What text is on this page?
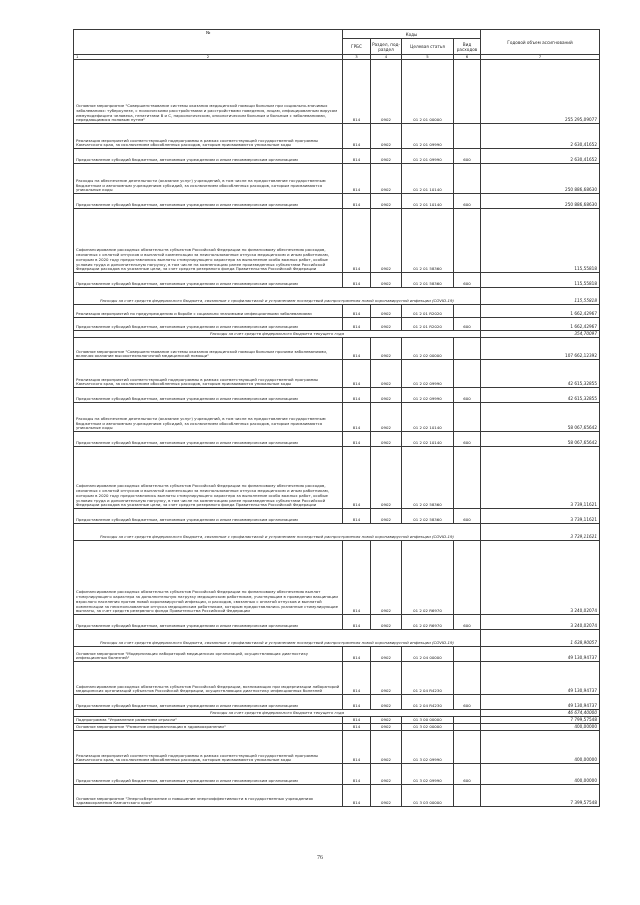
№	Коды				Годовой объем ассигнований
	ГРБС	Раздел, под-раздел	Целевая статья	Вид расходов	

1 2	3	4	5	6	7
Основное мероприятие "Совершенствование системы оказания медицинской помощи больным при социально-значимых заболеваниях: туберкулезе, с психическими расстройствами и расстройствами поведения, лицам, инфицированным вирусом иммунодефицита человека, гепатитами В и С, наркологическим, онкологическим больным и больным с заболеваниями, передающимися половым путем"	814	0902	01 2 01 00000		255 295,09077
Реализация мероприятий соответствующей подпрограммы в рамках соответствующей государственной программы Камчатского края, за исключением обособленных расходов, которым присваиваются уникальные коды	814	0902	01 2 01 09990		2 630,41652
Предоставление субсидий бюджетным, автономным учреждениям и иным некоммерческим организациям	814	0902	01 2 01 09990	600	2 630,41652
Расходы на обеспечение деятельности (оказание услуг) учреждений, в том числе на предоставление государственным бюджетным и автономным учреждениям субсидий, за исключением обособленных расходов, которым присваиваются уникальные коды	814	0902	01 2 01 10140		250 886,68630
Предоставление субсидий бюджетным, автономным учреждениям и иным некоммерческим организациям	814	0902	01 2 01 10140	600	250 886,68630
Софинансирование расходных обязательств субъектов Российской Федерации по финансовому обеспечению расходов, связанных с оплатой отпусков и выплатой компенсации за неиспользованные отпуска медицинским и иным работникам, которым в 2020 году предоставлялись выплаты стимулирующего характера за выполнение особо важных работ, особые условия труда и дополнительную нагрузку, в том числе на компенсацию ранее произведенных субъектами Российской Федерации расходов на указанные цели, за счет средств резервного фонда Правительства Российской Федерации	814	0902	01 2 01 58360		115,55818
Предоставление субсидий бюджетным, автономным учреждениям и иным некоммерческим организациям	814	0902	01 2 01 58360	600	115,55818
Расходы за счет средств федерального бюджета, связанные с профилактикой и устранением последствий распространения новой коронавирусной инфекции (COVID-19)					115,55818
Реализация мероприятий по предупреждению и борьбе с социально значимыми инфекционными заболеваниями	814	0902	01 2 01 R2020		1 662,42967
Предоставление субсидий бюджетным, автономным учреждениям и иным некоммерческим организациям	814	0902	01 2 01 R2020	600	1 662,42967
Расходы за счет средств федерального бюджета текущего года					354,70097
Основное мероприятие "Совершенствование системы оказания медицинской помощи больным прочими заболеваниями, включая оказание высокотехнологичной медицинской помощи"	814	0902	01 2 02 00000		107 662,12392
Реализация мероприятий соответствующей подпрограммы в рамках соответствующей государственной программы Камчатского края, за исключением обособленных расходов, которым присваиваются уникальные коды	814	0902	01 2 02 09990		42 615,32855
Предоставление субсидий бюджетным, автономным учреждениям и иным некоммерческим организациям	814	0902	01 2 02 09990	600	42 615,32855
Расходы на обеспечение деятельности (оказание услуг) учреждений, в том числе на предоставление государственным бюджетным и автономным учреждениям субсидий, за исключением обособленных расходов, которым присваиваются уникальные коды	814	0902	01 2 02 10140		58 067,65642
Предоставление субсидий бюджетным, автономным учреждениям и иным некоммерческим организациям	814	0902	01 2 02 10140	600	58 067,65642
Софинансирование расходных обязательств субъектов Российской Федерации по финансовому обеспечению расходов, связанных с оплатой отпусков и выплатой компенсации за неиспользованные отпуска медицинским и иным работникам, которым в 2020 году предоставлялись выплаты стимулирующего характера за выполнение особо важных работ, особые условия труда и дополнительную нагрузку, в том числе на компенсацию ранее произведенных субъектами Российской Федерации расходов на указанные цели, за счет средств резервного фонда Правительства Российской Федерации	814	0902	01 2 02 58360		3 739,11621
Предоставление субсидий бюджетным, автономным учреждениям и иным некоммерческим организациям	814	0902	01 2 02 58360	600	3 739,11621
Расходы за счет средств федерального бюджета, связанные с профилактикой и устранением последствий распространения новой коронавирусной инфекции (COVID-19)					3 739,11621
Софинансирование расходных обязательств субъектов Российской Федерации по финансовому обеспечению выплат стимулирующего характера за дополнительную нагрузку медицинским работникам, участвующим в проведении вакцинации взрослого населения против новой коронавирусной инфекции, и расходов, связанных с оплатой отпусков и выплатой компенсации за неиспользованные отпуска медицинским работникам, которым предоставлялись указанные стимулирующие выплаты, за счет средств резервного фонда Правительства Российской Федерации	814	0902	01 2 02 R6970		3 240,02074
Предоставление субсидий бюджетным, автономным учреждениям и иным некоммерческим организациям	814	0902	01 2 02 R6970	600	3 240,02074
Расходы за счет средств федерального бюджета, связанные с профилактикой и устранением последствий распространения новой коронавирусной инфекции (COVID-19)					1 638,90057
Основное мероприятие "Модернизация лабораторий медицинских организаций, осуществляющих диагностику инфекционных болезней"	814	0902	01 2 04 00000		49 130,94737
Софинансирование расходных обязательств субъектов Российской Федерации, возникающих при модернизации лабораторий медицинских организаций субъектов Российской Федерации, осуществляющих диагностику инфекционных болезней	814	0902	01 2 04 R4230		49 130,94737
Предоставление субсидий бюджетным, автономным учреждениям и иным некоммерческим организациям	814	0902	01 2 04 R4230	600	49 130,94737
Расходы за счет средств федерального бюджета текущего года					46 674,40000
Подпрограмма "Управление развитием отрасли"	814	0902	01 3 00 00000		7 799,57548
Основное мероприятие "Развитие информатизации в здравоохранении"	814	0902	01 3 02 00000		400,00000
Реализация мероприятий соответствующей подпрограммы в рамках соответствующей государственной программы Камчатского края, за исключением обособленных расходов, которым присваиваются уникальные коды	814	0902	01 3 02 09990		400,00000
Предоставление субсидий бюджетным, автономным учреждениям и иным некоммерческим организациям	814	0902	01 3 02 09990	600	400,00000
Основное мероприятие "Энергосбережение и повышение энергоэффективности в государственных учреждениях здравоохранения Камчатского края"	814	0902	01 3 03 00000		7 399,57548
76
